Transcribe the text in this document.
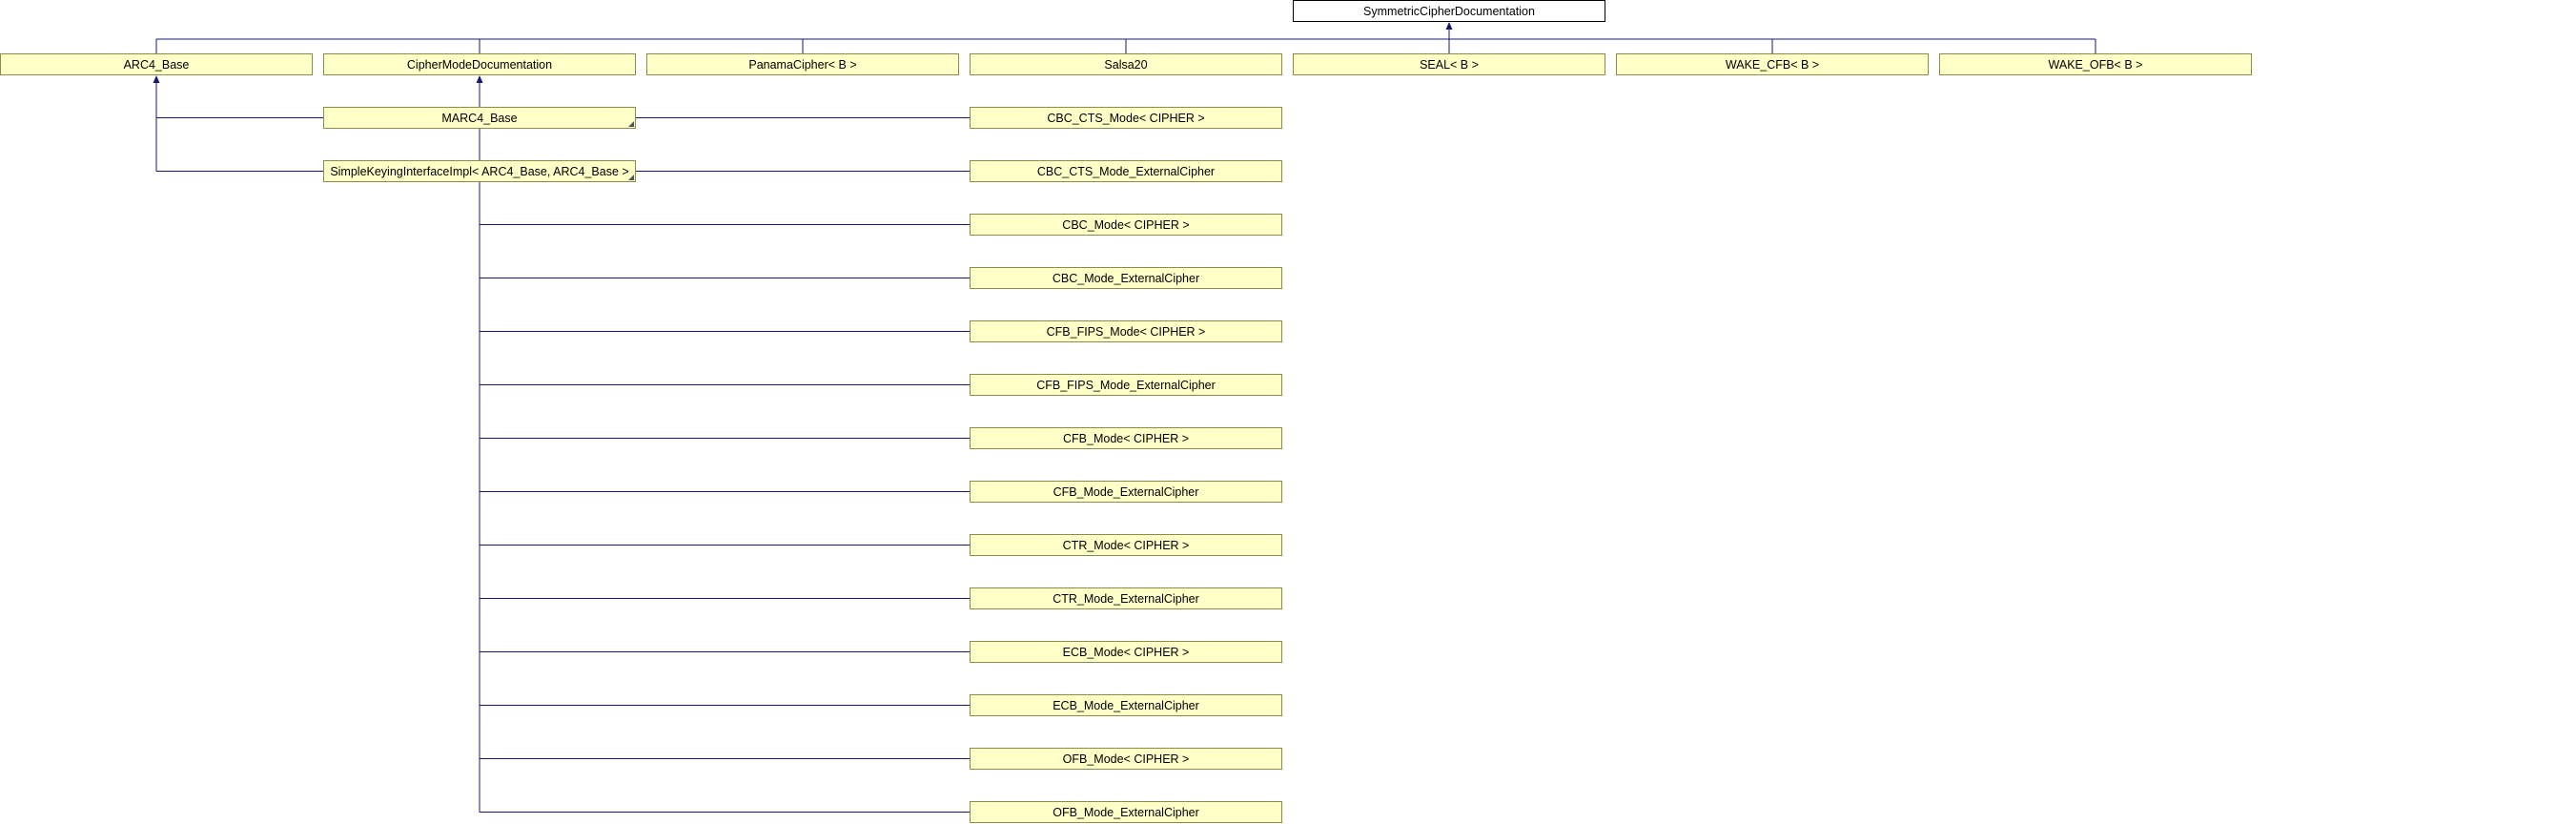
SymmetricCipherDocumentation
ARC4_Base	CipherModeDocumentation	PanamaCipher< B >	Salsa20	SEAL< B >	WAKE_CFB< B >	WAKE_OFB< B >
MARC4_Base
SimpleKeyingInterfaceImpl< ARC4_Base, ARC4_Base >
CBC_CTS_Mode< CIPHER >
CBC_CTS_Mode_ExternalCipher
CBC_Mode< CIPHER >
CBC_Mode_ExternalCipher
CFB_FIPS_Mode< CIPHER >
CFB_FIPS_Mode_ExternalCipher
CFB_Mode< CIPHER >
CFB_Mode_ExternalCipher
CTR_Mode< CIPHER >
CTR_Mode_ExternalCipher
ECB_Mode< CIPHER >
ECB_Mode_ExternalCipher
OFB_Mode< CIPHER >
OFB_Mode_ExternalCipher
